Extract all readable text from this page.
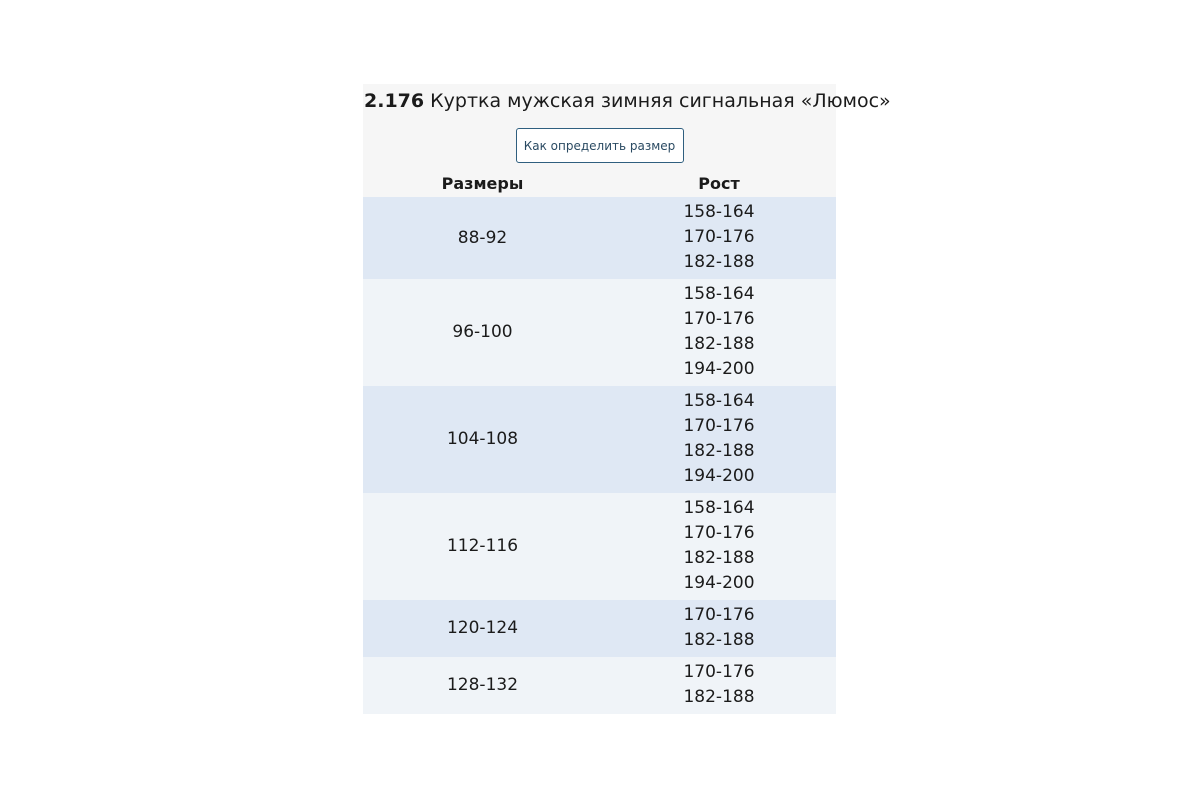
2.176 Куртка мужская зимняя сигнальная «Люмос»
Как определить размер
Размеры	Рост
88-92
158-164
170-176
182-188
96-100
158-164
170-176
182-188
194-200
104-108
158-164
170-176
182-188
194-200
112-116
158-164
170-176
182-188
194-200
120-124
170-176
182-188
128-132
170-176
182-188
